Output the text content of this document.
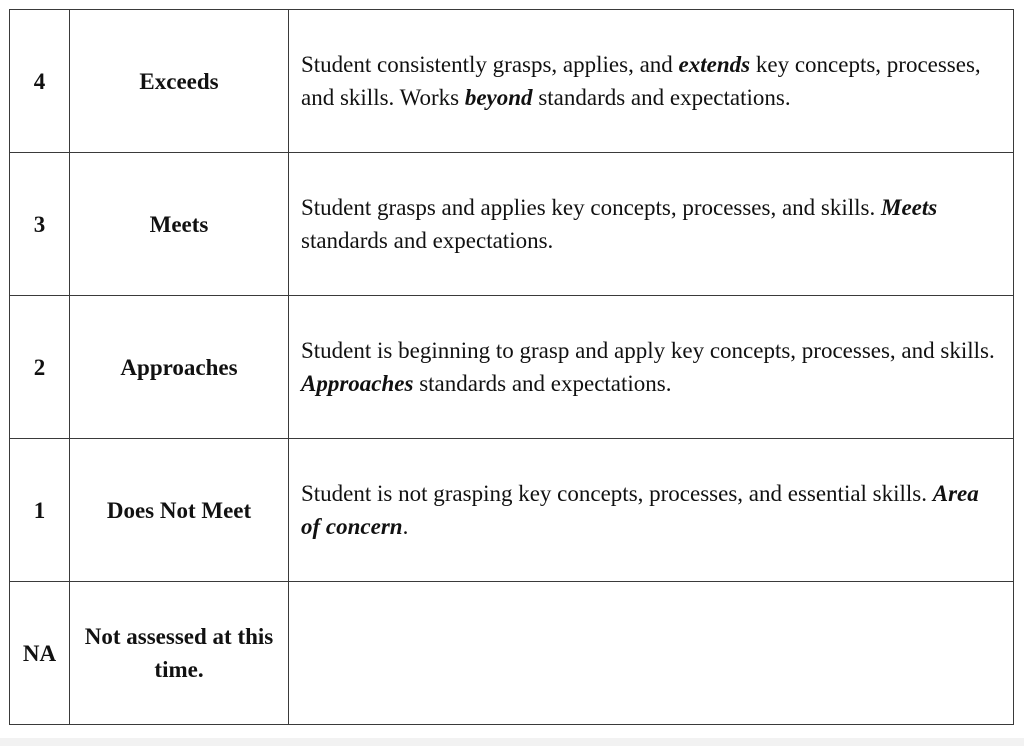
4	Exceeds	Student consistently grasps, applies, and extends key concepts, processes, and skills. Works beyond standards and expectations.
3	Meets	Student grasps and applies key concepts, processes, and skills. Meets standards and expectations.
2	Approaches	Student is beginning to grasp and apply key concepts, processes, and skills. Approaches standards and expectations.
1	Does Not Meet	Student is not grasping key concepts, processes, and essential skills. Area of concern.
NA	Not assessed at this time.	
